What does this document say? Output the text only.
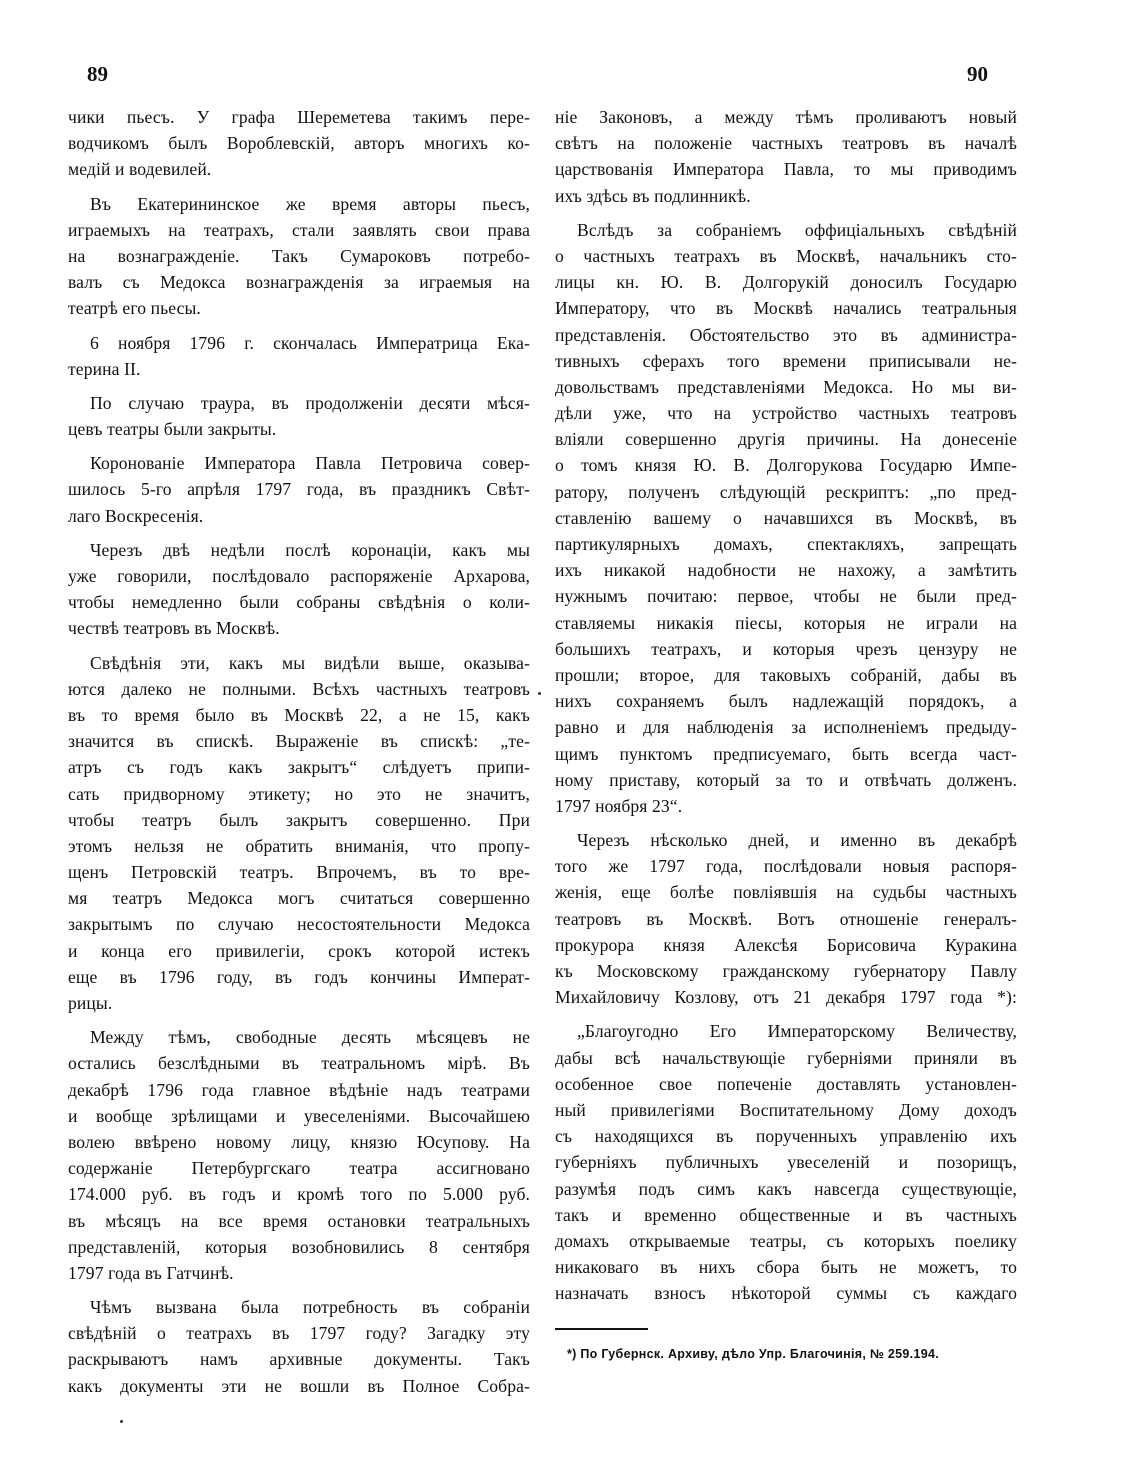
89	90
чики пьесъ. У графа Шереметева такимъ пере-
водчикомъ былъ Вороблевскій, авторъ многихъ ко-
медій и водевилей.
Въ Екатерининское же время авторы пьесъ,
играемыхъ на театрахъ, стали заявлять свои права
на вознагражденіе. Такъ Сумароковъ потребо-
валъ съ Медокса вознагражденія за играемыя на
театрѣ его пьесы.
6 ноября 1796 г. скончалась Императрица Ека-
терина II.
По случаю траура, въ продолженіи десяти мѣся-
цевъ театры были закрыты.
Коронованіе Императора Павла Петровича совер-
шилось 5-го апрѣля 1797 года, въ праздникъ Свѣт-
лаго Воскресенія.
Черезъ двѣ недѣли послѣ коронаціи, какъ мы
уже говорили, послѣдовало распоряженіе Архарова,
чтобы немедленно были собраны свѣдѣнія о коли-
чествѣ театровъ въ Москвѣ.
Свѣдѣнія эти, какъ мы видѣли выше, оказыва-
ются далеко не полными. Всѣхъ частныхъ театровъ
въ то время было въ Москвѣ 22, а не 15, какъ
значится въ спискѣ. Выраженіе въ спискѣ: „те-
атръ съ годъ какъ закрытъ“ слѣдуетъ припи-
сать придворному этикету; но это не значитъ,
чтобы театръ былъ закрытъ совершенно. При
этомъ нельзя не обратить вниманія, что пропу-
щенъ Петровскій театръ. Впрочемъ, въ то вре-
мя театръ Медокса могъ считаться совершенно
закрытымъ по случаю несостоятельности Медокса
и конца его привилегіи, срокъ которой истекъ
еще въ 1796 году, въ годъ кончины Императ-
рицы.
Между тѣмъ, свободные десять мѣсяцевъ не
остались безслѣдными въ театральномъ мірѣ. Въ
декабрѣ 1796 года главное вѣдѣніе надъ театрами
и вообще зрѣлищами и увеселеніями. Высочайшею
волею ввѣрено новому лицу, князю Юсупову. На
содержаніе Петербургскаго театра ассигновано
174.000 руб. въ годъ и кромѣ того по 5.000 руб.
въ мѣсяцъ на все время остановки театральныхъ
представленій, которыя возобновились 8 сентября
1797 года въ Гатчинѣ.
Чѣмъ вызвана была потребность въ собраніи
свѣдѣній о театрахъ въ 1797 году? Загадку эту
раскрываютъ намъ архивные документы. Такъ
какъ документы эти не вошли въ Полное Собра-
ніе Законовъ, а между тѣмъ проливаютъ новый
свѣтъ на положеніе частныхъ театровъ въ началѣ
царствованія Императора Павла, то мы приводимъ
ихъ здѣсь въ подлинникѣ.
Вслѣдъ за собраніемъ оффиціальныхъ свѣдѣній
о частныхъ театрахъ въ Москвѣ, начальникъ сто-
лицы кн. Ю. В. Долгорукій доносилъ Государю
Императору, что въ Москвѣ начались театральныя
представленія. Обстоятельство это въ администра-
тивныхъ сферахъ того времени приписывали не-
довольствамъ представленіями Медокса. Но мы ви-
дѣли уже, что на устройство частныхъ театровъ
вліяли совершенно другія причины. На донесеніе
о томъ князя Ю. В. Долгорукова Государю Импе-
ратору, полученъ слѣдующій рескриптъ: „по пред-
ставленію вашему о начавшихся въ Москвѣ, въ
партикулярныхъ домахъ, спектакляхъ, запрещать
ихъ никакой надобности не нахожу, а замѣтить
нужнымъ почитаю: первое, чтобы не были пред-
ставляемы никакія піесы, которыя не играли на
большихъ театрахъ, и которыя чрезъ цензуру не
прошли; второе, для таковыхъ собраній, дабы въ
нихъ сохраняемъ былъ надлежащій порядокъ, а
равно и для наблюденія за исполненіемъ предыду-
щимъ пунктомъ предписуемаго, быть всегда част-
ному приставу, который за то и отвѣчать долженъ.
1797 ноября 23“.
Черезъ нѣсколько дней, и именно въ декабрѣ
того же 1797 года, послѣдовали новыя распоря-
женія, еще болѣе повліявшія на судьбы частныхъ
театровъ въ Москвѣ. Вотъ отношеніе генералъ-
прокурора князя Алексѣя Борисовича Куракина
къ Московскому гражданскому губернатору Павлу
Михайловичу Козлову, отъ 21 декабря 1797 года *):
„Благоугодно Его Императорскому Величеству,
дабы всѣ начальствующіе губерніями приняли въ
особенное свое попеченіе доставлять установлен-
ный привилегіями Воспитательному Дому доходъ
съ находящихся въ порученныхъ управленію ихъ
губерніяхъ публичныхъ увеселеній и позорищъ,
разумѣя подъ симъ какъ навсегда существующіе,
такъ и временно общественные и въ частныхъ
домахъ открываемые театры, съ которыхъ поелику
никаковаго въ нихъ сбора быть не можетъ, то
назначать взносъ нѣкоторой суммы съ каждаго
*) По Губернск. Архиву, дѣло Упр. Благочинія, № 259.194.
